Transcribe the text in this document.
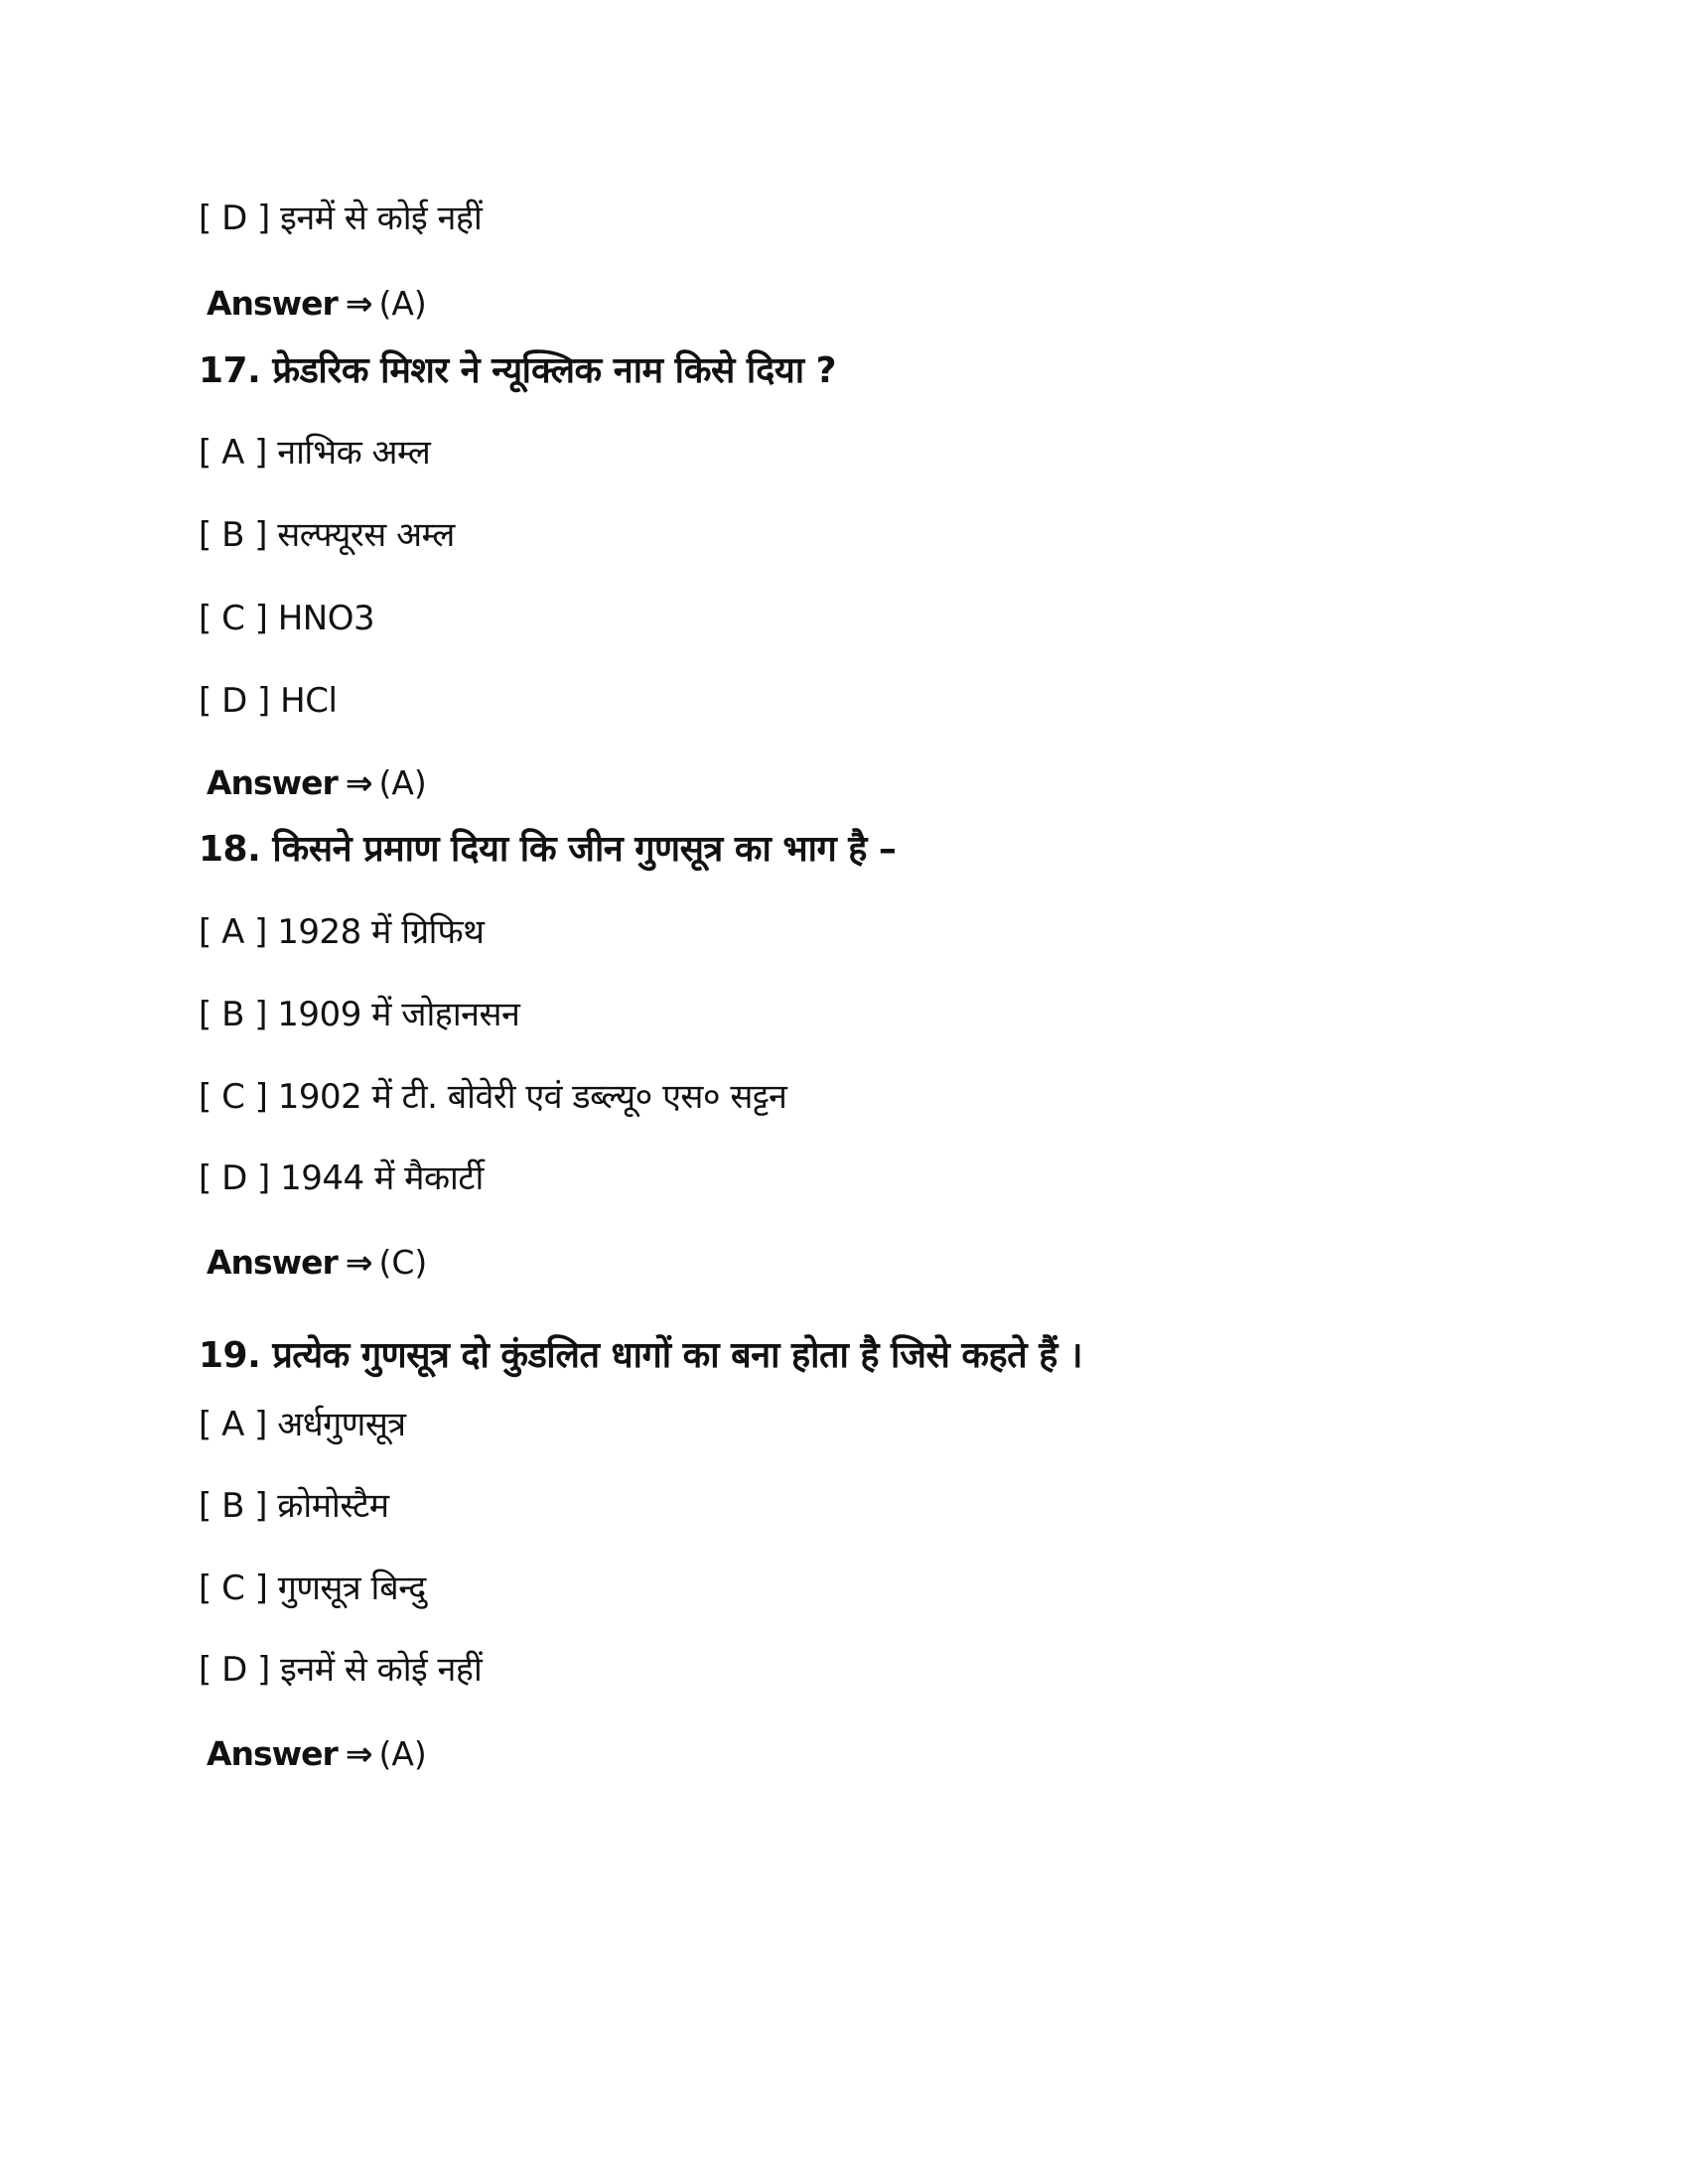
[ D ] इनमें से कोई नहीं
Answer ⇒ (A)
17. फ्रेडरिक मिशर ने न्यूक्लिक नाम किसे दिया ?
[ A ] नाभिक अम्ल
[ B ] सल्फ्यूरस अम्ल
[ C ] HNO3
[ D ] HCl
Answer ⇒ (A)
18. किसने प्रमाण दिया कि जीन गुणसूत्र का भाग है –
[ A ] 1928 में ग्रिफिथ
[ B ] 1909 में जोहानसन
[ C ] 1902 में टी. बोवेरी एवं डब्ल्यू० एस० सट्टन
[ D ] 1944 में मैकार्टी
Answer ⇒ (C)
19. प्रत्येक गुणसूत्र दो कुंडलित धागों का बना होता है जिसे कहते हैं ।
[ A ] अर्धगुणसूत्र
[ B ] क्रोमोस्टैम
[ C ] गुणसूत्र बिन्दु
[ D ] इनमें से कोई नहीं
Answer ⇒ (A)
